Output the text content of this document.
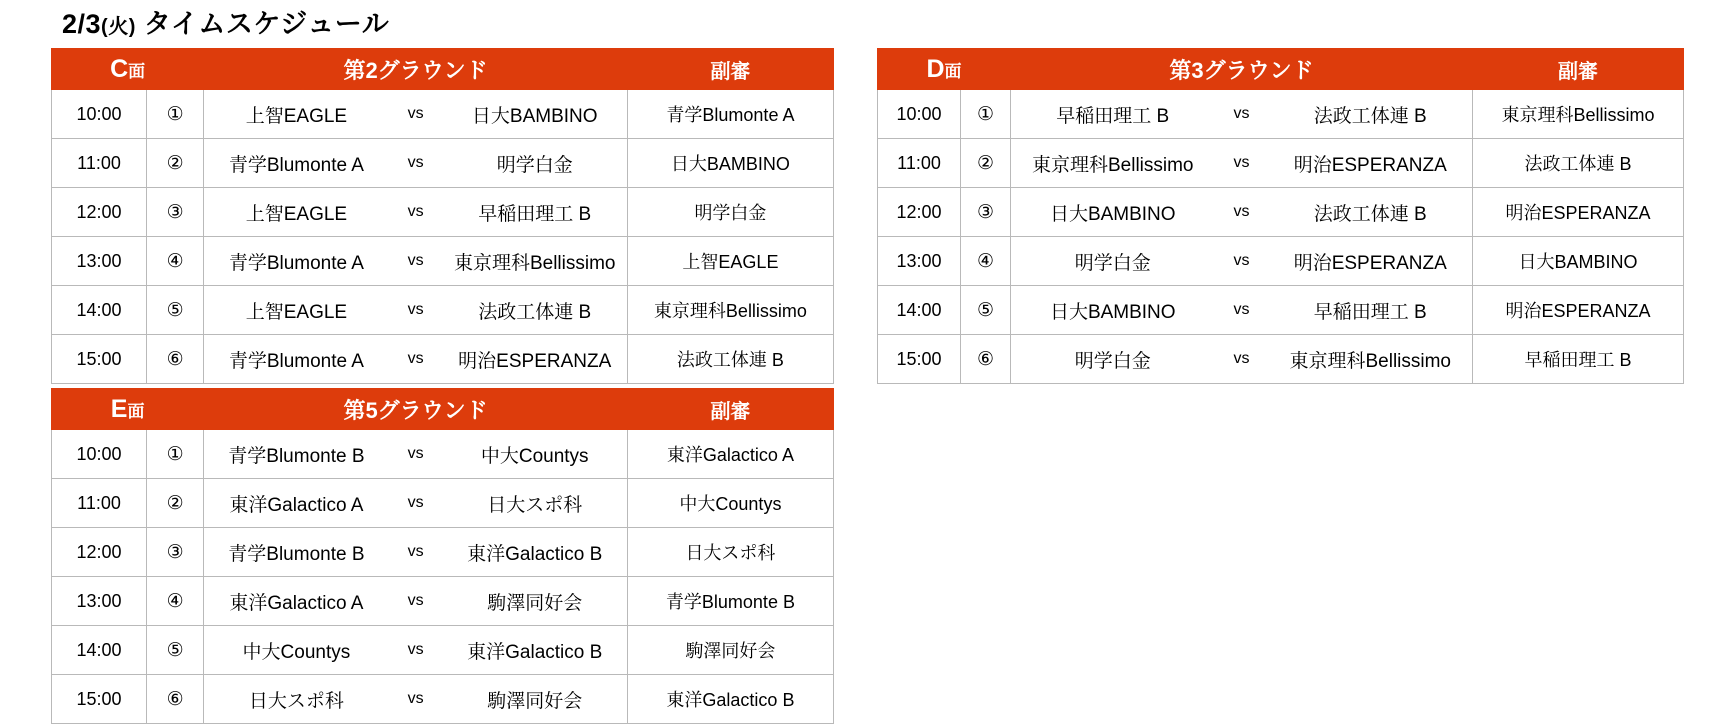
2/3(火) タイムスケジュール
C面		第2グラウンド	副審
10:00	①	上智EAGLE vs 日大BAMBINO	青学Blumonte A
11:00	②	青学Blumonte A vs 明学白金	日大BAMBINO
12:00	③	上智EAGLE vs 早稲田理工 B	明学白金
13:00	④	青学Blumonte A vs 東京理科Bellissimo	上智EAGLE
14:00	⑤	上智EAGLE vs 法政工体連 B	東京理科Bellissimo
15:00	⑥	青学Blumonte A vs 明治ESPERANZA	法政工体連 B
D面		第3グラウンド	副審
10:00	①	早稲田理工 B vs 法政工体連 B	東京理科Bellissimo
11:00	②	東京理科Bellissimo vs 明治ESPERANZA	法政工体連 B
12:00	③	日大BAMBINO vs 法政工体連 B	明治ESPERANZA
13:00	④	明学白金 vs 明治ESPERANZA	日大BAMBINO
14:00	⑤	日大BAMBINO vs 早稲田理工 B	明治ESPERANZA
15:00	⑥	明学白金 vs 東京理科Bellissimo	早稲田理工 B
E面		第5グラウンド	副審
10:00	①	青学Blumonte B vs 中大Countys	東洋Galactico A
11:00	②	東洋Galactico A vs 日大スポ科	中大Countys
12:00	③	青学Blumonte B vs 東洋Galactico B	日大スポ科
13:00	④	東洋Galactico A vs 駒澤同好会	青学Blumonte B
14:00	⑤	中大Countys vs 東洋Galactico B	駒澤同好会
15:00	⑥	日大スポ科 vs 駒澤同好会	東洋Galactico B
